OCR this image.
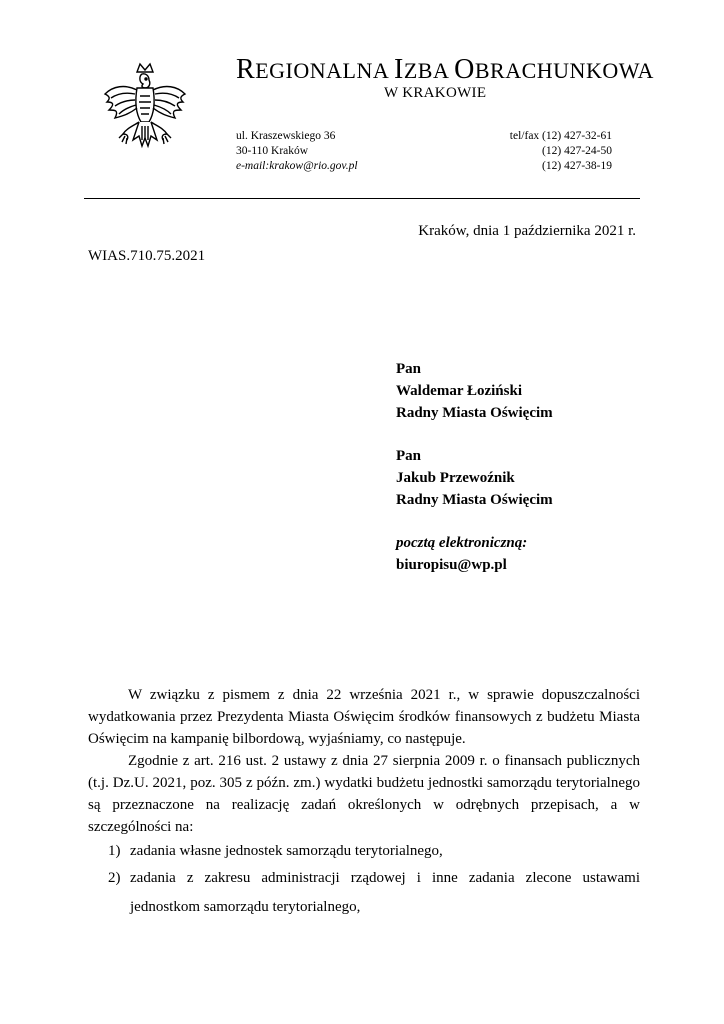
REGIONALNA IZBA OBRACHUNKOWA
W KRAKOWIE
ul. Kraszewskiego 36
30-110 Kraków
e-mail:krakow@rio.gov.pl
tel/fax (12) 427-32-61
(12) 427-24-50
(12) 427-38-19
Kraków, dnia 1 października 2021 r.
WIAS.710.75.2021
Pan
Waldemar Łoziński
Radny Miasta Oświęcim
Pan
Jakub Przewoźnik
Radny Miasta Oświęcim
pocztą elektroniczną:
biuropisu@wp.pl

W związku z pismem z dnia 22 września 2021 r., w sprawie dopuszczalności wydatkowania przez Prezydenta Miasta Oświęcim środków finansowych z budżetu Miasta Oświęcim na kampanię bilbordową, wyjaśniamy, co następuje.

Zgodnie z art. 216 ust. 2 ustawy z dnia 27 sierpnia 2009 r. o finansach publicznych (t.j. Dz.U. 2021, poz. 305 z późn. zm.) wydatki budżetu jednostki samorządu terytorialnego są przeznaczone na realizację zadań określonych w odrębnych przepisach, a w szczególności na:

1) zadania własne jednostek samorządu terytorialnego,
2) zadania z zakresu administracji rządowej i inne zadania zlecone ustawami jednostkom samorządu terytorialnego,
